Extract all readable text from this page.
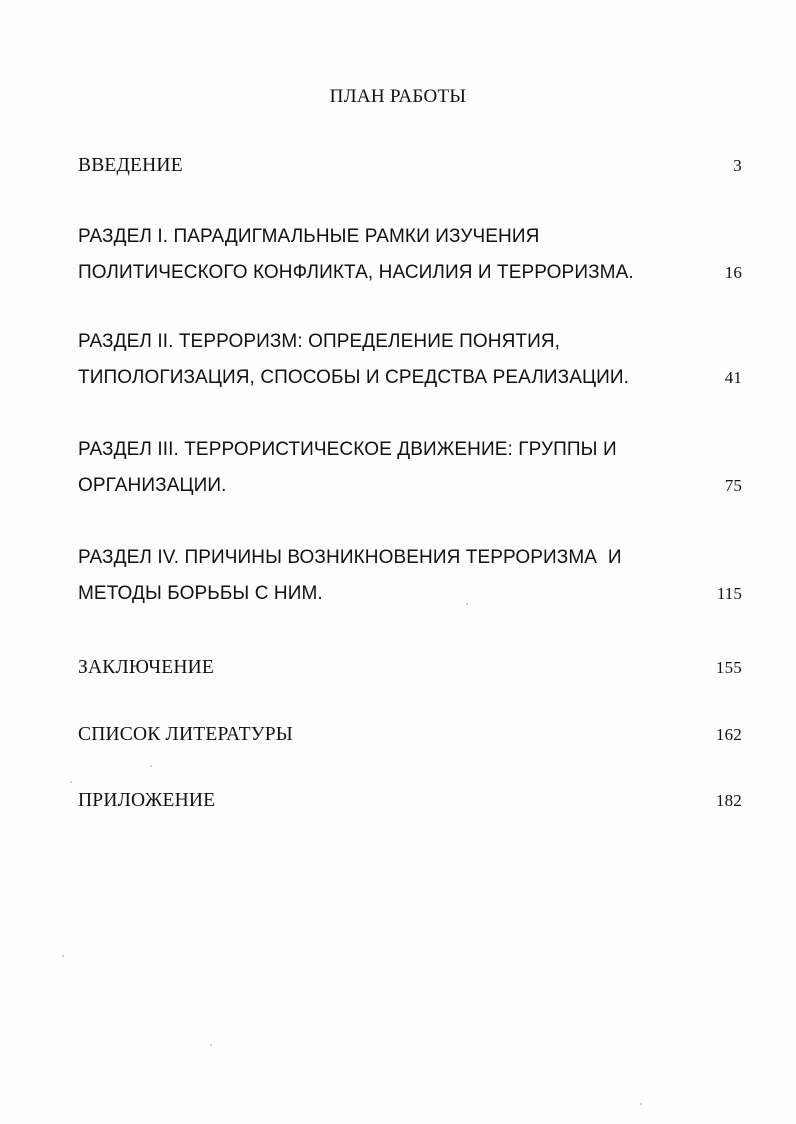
ПЛАН РАБОТЫ
ВВЕДЕНИЕ	3
РАЗДЕЛ I. ПАРАДИГМАЛЬНЫЕ РАМКИ ИЗУЧЕНИЯ
ПОЛИТИЧЕСКОГО КОНФЛИКТА, НАСИЛИЯ И ТЕРРОРИЗМА.	16
РАЗДЕЛ II. ТЕРРОРИЗМ: ОПРЕДЕЛЕНИЕ ПОНЯТИЯ,
ТИПОЛОГИЗАЦИЯ, СПОСОБЫ И СРЕДСТВА РЕАЛИЗАЦИИ.	41
РАЗДЕЛ III. ТЕРРОРИСТИЧЕСКОЕ ДВИЖЕНИЕ: ГРУППЫ И
ОРГАНИЗАЦИИ.	75
РАЗДЕЛ IV. ПРИЧИНЫ ВОЗНИКНОВЕНИЯ ТЕРРОРИЗМА  И
МЕТОДЫ БОРЬБЫ С НИМ.	115
ЗАКЛЮЧЕНИЕ	155
СПИСОК ЛИТЕРАТУРЫ	162
ПРИЛОЖЕНИЕ	182
